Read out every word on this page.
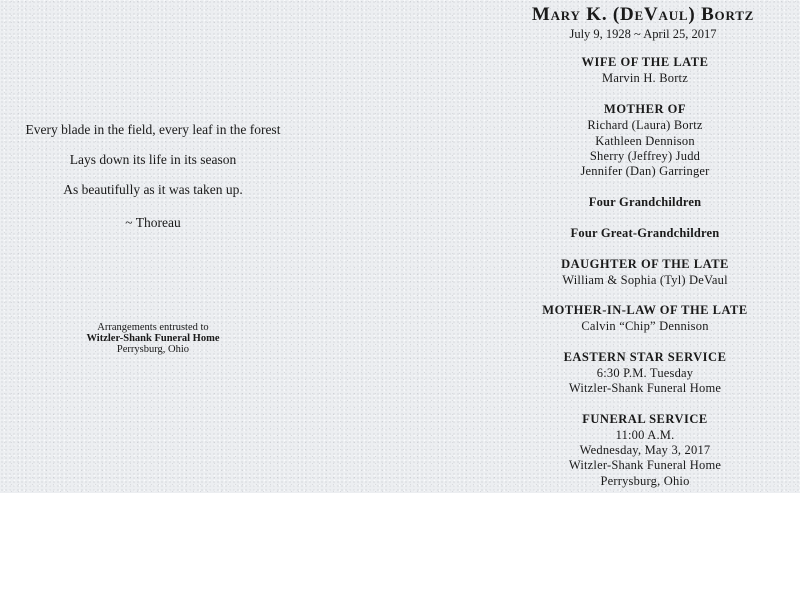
Every blade in the field, every leaf in the forest
Lays down its life in its season
As beautifully as it was taken up.
~ Thoreau
Arrangements entrusted to
Witzler-Shank Funeral Home
Perrysburg, Ohio
Mary K. (DeVaul) Bortz
July 9, 1928 ~ April 25, 2017
WIFE OF THE LATE
Marvin H. Bortz
MOTHER OF
Richard (Laura) Bortz
Kathleen Dennison
Sherry (Jeffrey) Judd
Jennifer (Dan) Garringer
Four Grandchildren
Four Great-Grandchildren
DAUGHTER OF THE LATE
William & Sophia (Tyl) DeVaul
MOTHER-IN-LAW OF THE LATE
Calvin “Chip” Dennison
EASTERN STAR SERVICE
6:30 P.M. Tuesday
Witzler-Shank Funeral Home
FUNERAL SERVICE
11:00 A.M.
Wednesday, May 3, 2017
Witzler-Shank Funeral Home
Perrysburg, Ohio
